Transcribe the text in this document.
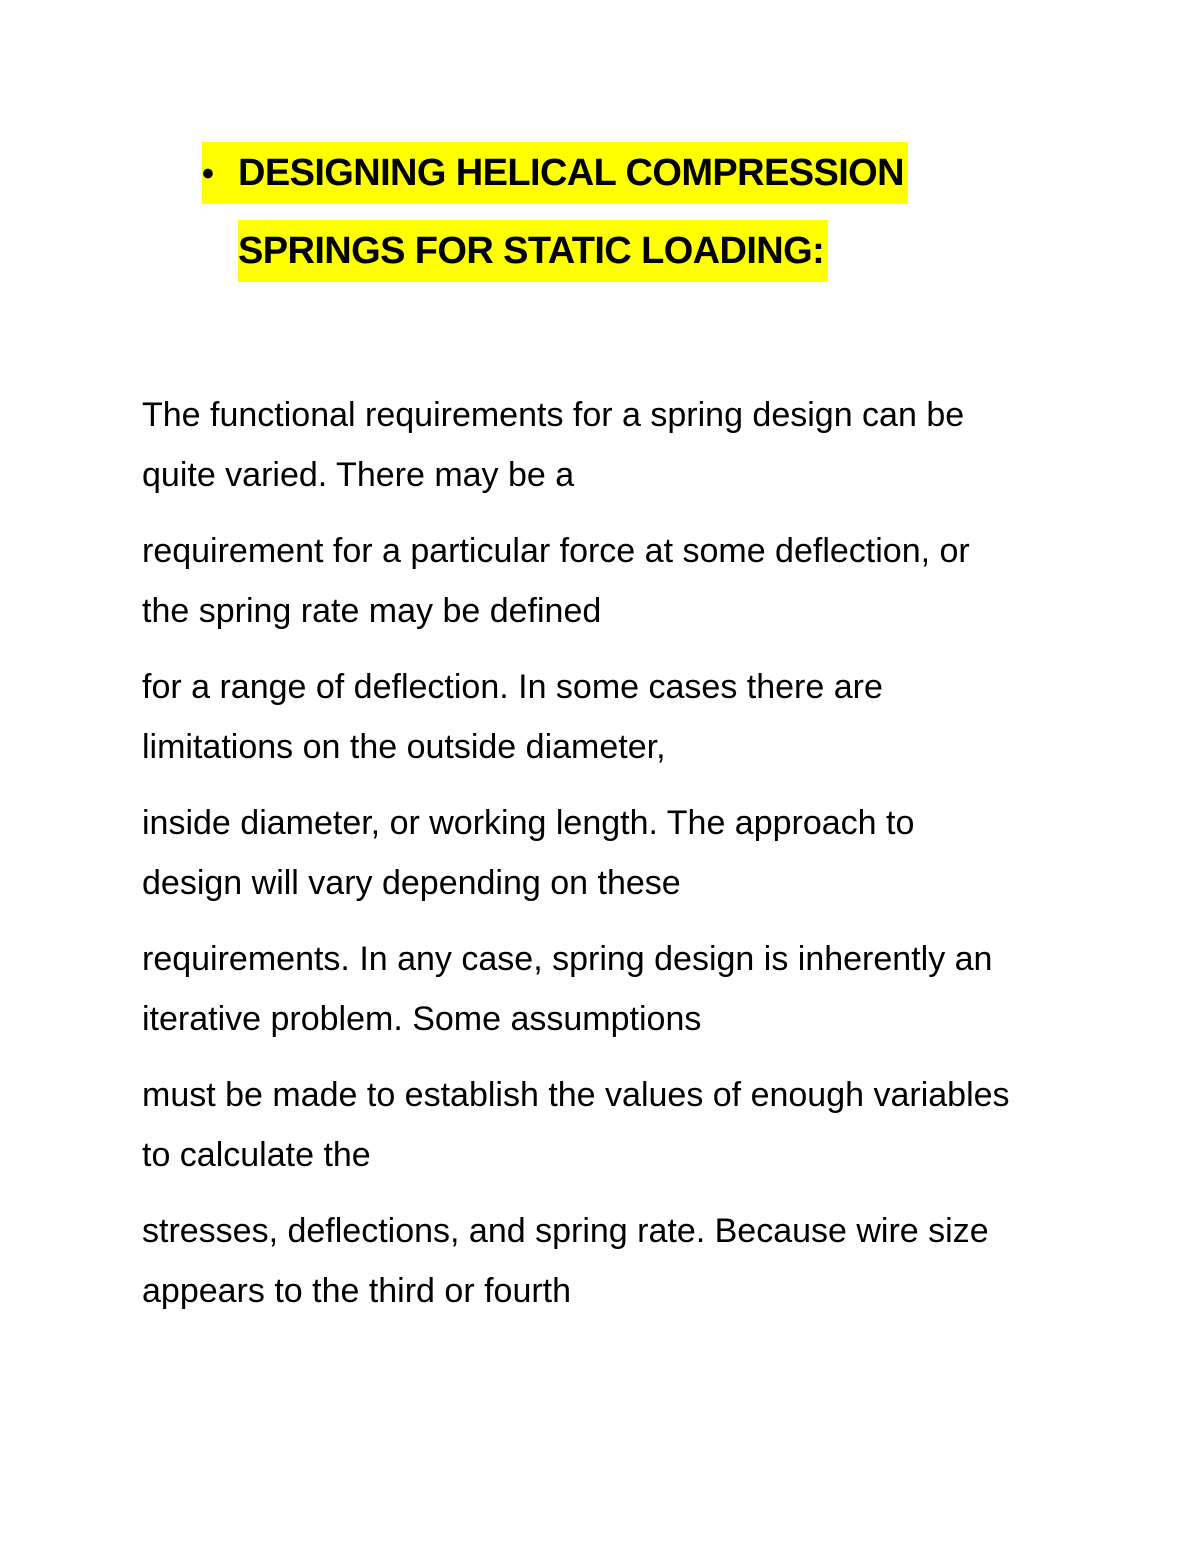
• DESIGNING HELICAL COMPRESSION
SPRINGS FOR STATIC LOADING:
The functional requirements for a spring design can be
quite varied. There may be a
requirement for a particular force at some deflection, or
the spring rate may be defined
for a range of deflection. In some cases there are
limitations on the outside diameter,
inside diameter, or working length. The approach to
design will vary depending on these
requirements. In any case, spring design is inherently an
iterative problem. Some assumptions
must be made to establish the values of enough variables
to calculate the
stresses, deflections, and spring rate. Because wire size
appears to the third or fourth
